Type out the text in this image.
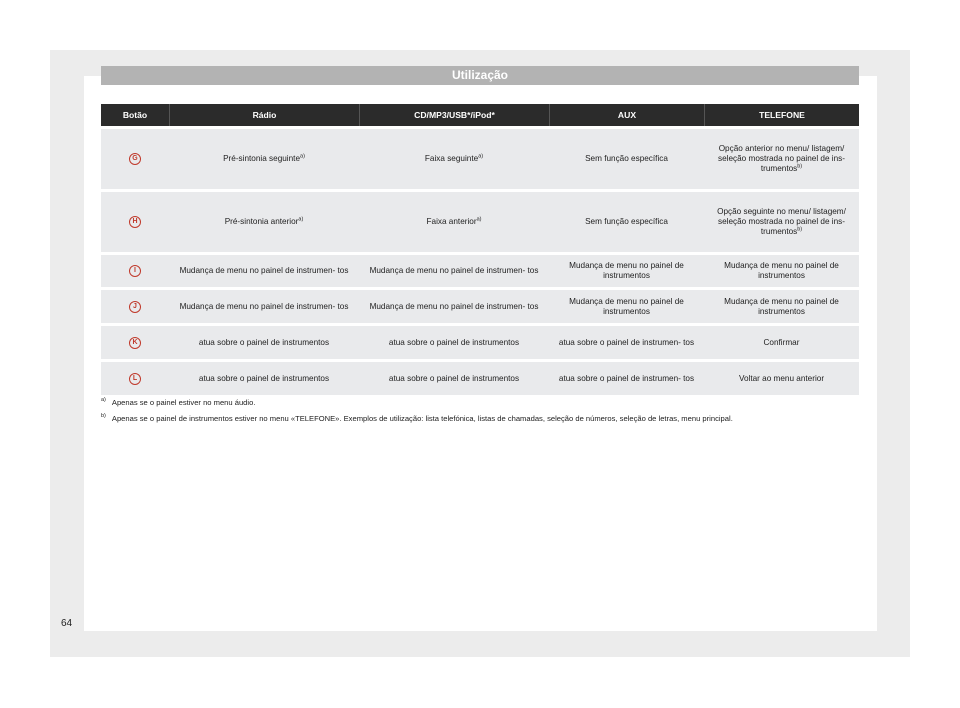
Utilização
Botão	Rádio	CD/MP3/USB*/iPod*	AUX	TELEFONE
G	Pré-sintonia seguinte$^{a)}$	Faixa seguinte$^{a)}$	Sem função específica	Opção anterior no menu/ listagem/ seleção mostrada no painel de ins- trumentos$^{b)}$
H	Pré-sintonia anterior$^{a)}$	Faixa anterior$^{a)}$	Sem função específica	Opção seguinte no menu/ listagem/ seleção mostrada no painel de ins- trumentos$^{b)}$
I	Mudança de menu no painel de instrumen- tos	Mudança de menu no painel de instrumen- tos	Mudança de menu no painel de instrumentos	Mudança de menu no painel de instrumentos
J	Mudança de menu no painel de instrumen- tos	Mudança de menu no painel de instrumen- tos	Mudança de menu no painel de instrumentos	Mudança de menu no painel de instrumentos
K	atua sobre o painel de instrumentos	atua sobre o painel de instrumentos	atua sobre o painel de instrumen- tos	Confirmar
L	atua sobre o painel de instrumentos	atua sobre o painel de instrumentos	atua sobre o painel de instrumen- tos	Voltar ao menu anterior
$^{a)}$ Apenas se o painel estiver no menu áudio.
$^{b)}$ Apenas se o painel de instrumentos estiver no menu «TELEFONE». Exemplos de utilização: lista telefónica, listas de chamadas, seleção de números, seleção de letras, menu principal.
64
